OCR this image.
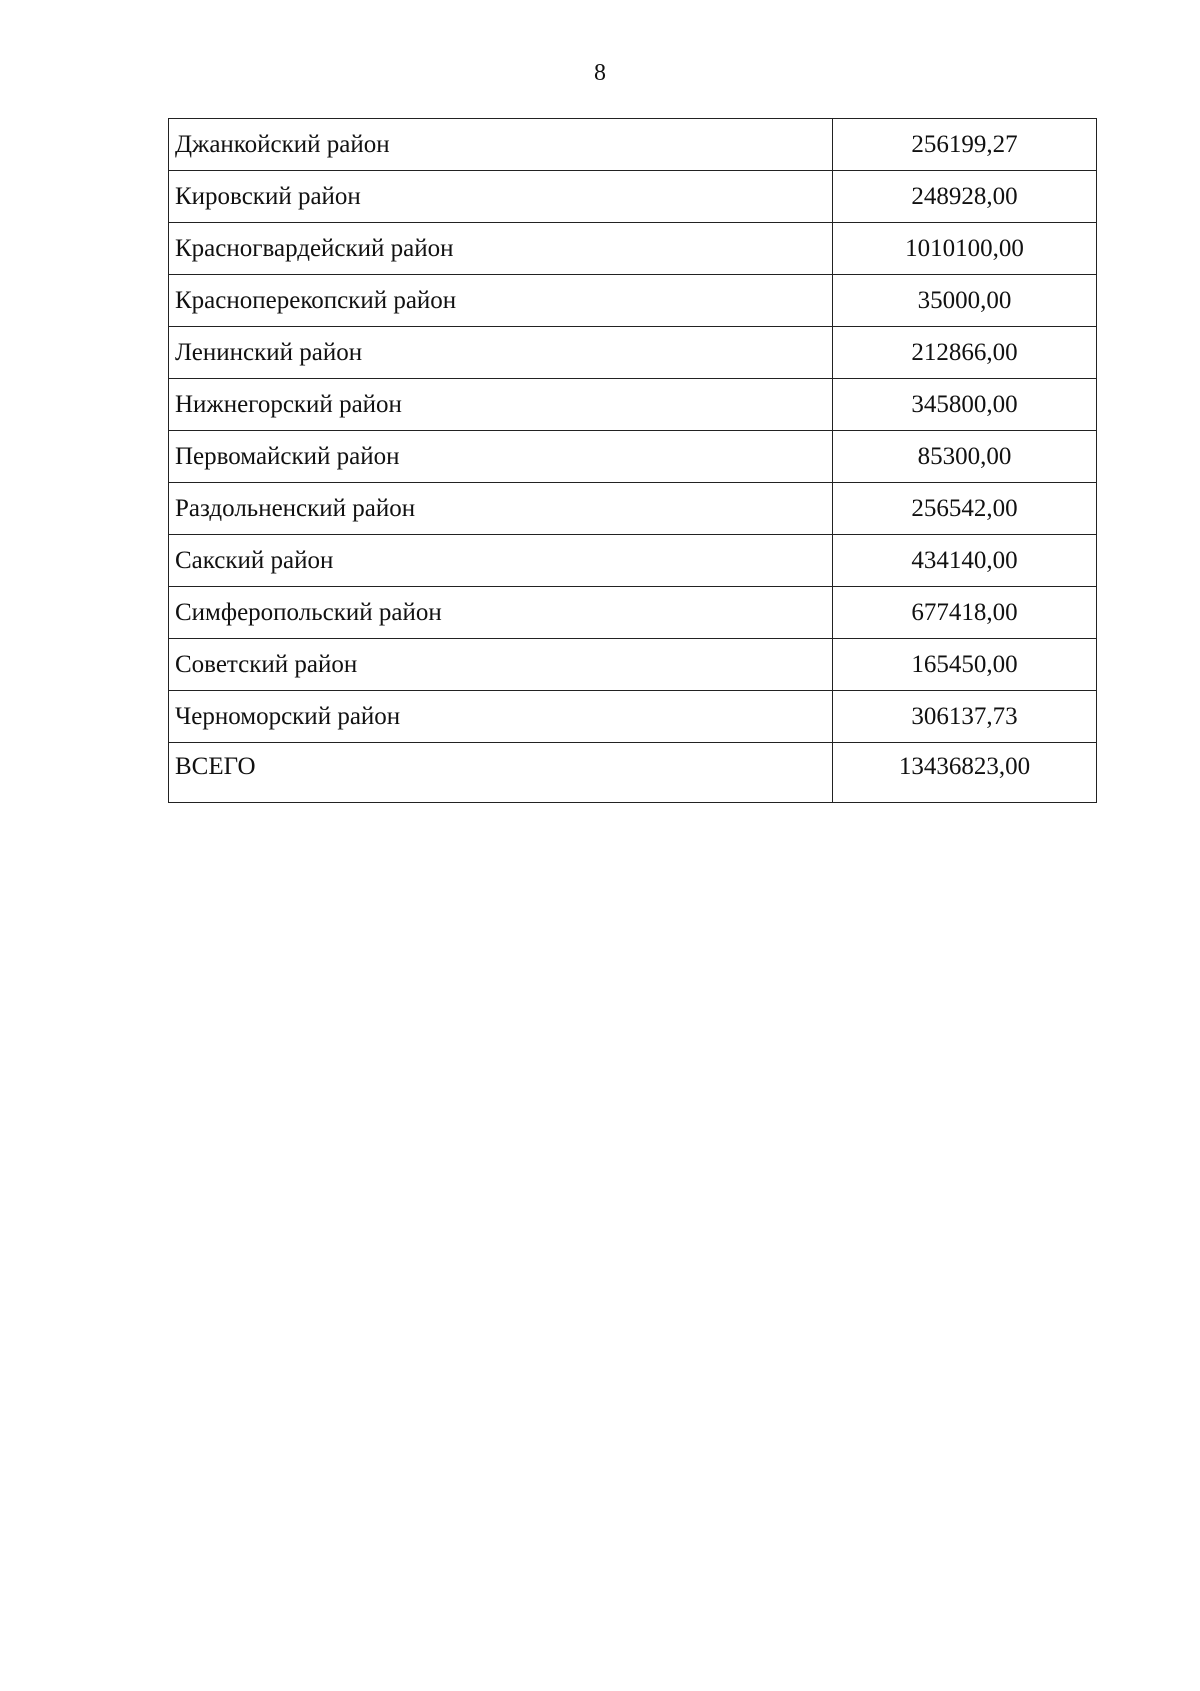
8
Джанкойский район	256199,27
Кировский район	248928,00
Красногвардейский район	1010100,00
Красноперекопский район	35000,00
Ленинский район	212866,00
Нижнегорский район	345800,00
Первомайский район	85300,00
Раздольненский район	256542,00
Сакский район	434140,00
Симферопольский район	677418,00
Советский район	165450,00
Черноморский район	306137,73
ВСЕГО	13436823,00
